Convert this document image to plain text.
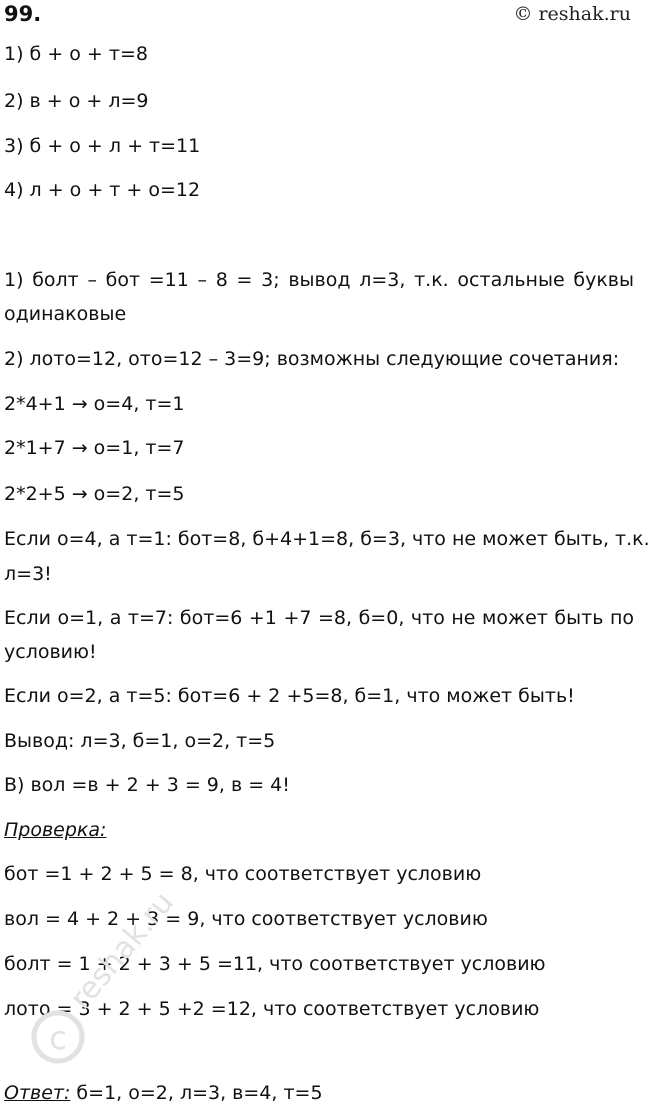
99.	© reshak.ru

1) б + о + т=8

2) в + о + л=9

3) б + о + л + т=11

4) л + о + т + о=12

1) болт – бот =11 – 8 = 3; вывод л=3, т.к. остальные буквы

одинаковые

2) лото=12, ото=12 – 3=9; возможны следующие сочетания:

2*4+1 → о=4, т=1

2*1+7 → о=1, т=7

2*2+5 → о=2, т=5

Если о=4, а т=1: бот=8, б+4+1=8, б=3, что не может быть, т.к.

л=3!

Если о=1, а т=7: бот=6 +1 +7 =8, б=0, что не может быть по

условию!

Если о=2, а т=5: бот=6 + 2 +5=8, б=1, что может быть!

Вывод: л=3, б=1, о=2, т=5

В) вол =в + 2 + 3 = 9, в = 4!

Проверка:

бот =1 + 2 + 5 = 8, что соответствует условию

вол = 4 + 2 + 3 = 9, что соответствует условию

болт = 1 + 2 + 3 + 5 =11, что соответствует условию

лото = 3 + 2 + 5 +2 =12, что соответствует условию

Ответ: б=1, о=2, л=3, в=4, т=5

c
reshak.ru
